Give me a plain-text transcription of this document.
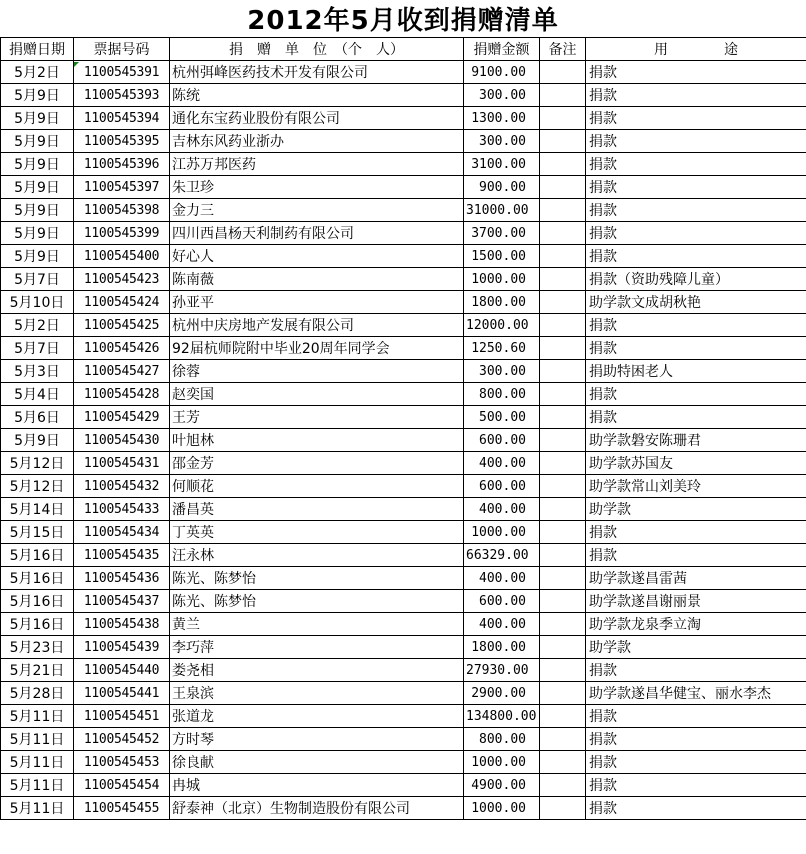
2012年5月收到捐赠清单
捐赠日期	票据号码	捐　赠　单　位　（个　人）	捐赠金额	备注	用　　　　途
5月2日	1100545391	杭州弭峰医药技术开发有限公司	9100.00		捐款
5月9日	1100545393	陈统	300.00		捐款
5月9日	1100545394	通化东宝药业股份有限公司	1300.00		捐款
5月9日	1100545395	吉林东风药业浙办	300.00		捐款
5月9日	1100545396	江苏万邦医药	3100.00		捐款
5月9日	1100545397	朱卫珍	900.00		捐款
5月9日	1100545398	金力三	31000.00		捐款
5月9日	1100545399	四川西昌杨天利制药有限公司	3700.00		捐款
5月9日	1100545400	好心人	1500.00		捐款
5月7日	1100545423	陈南薇	1000.00		捐款（资助残障儿童）
5月10日	1100545424	孙亚平	1800.00		助学款文成胡秋艳
5月2日	1100545425	杭州中庆房地产发展有限公司	12000.00		捐款
5月7日	1100545426	92届杭师院附中毕业20周年同学会	1250.60		捐款
5月3日	1100545427	徐蓉	300.00		捐助特困老人
5月4日	1100545428	赵奕国	800.00		捐款
5月6日	1100545429	王芳	500.00		捐款
5月9日	1100545430	叶旭林	600.00		助学款磐安陈珊君
5月12日	1100545431	邵金芳	400.00		助学款苏国友
5月12日	1100545432	何顺花	600.00		助学款常山刘美玲
5月14日	1100545433	潘昌英	400.00		助学款
5月15日	1100545434	丁英英	1000.00		捐款
5月16日	1100545435	汪永林	66329.00		捐款
5月16日	1100545436	陈光、陈梦怡	400.00		助学款遂昌雷茜
5月16日	1100545437	陈光、陈梦怡	600.00		助学款遂昌谢丽景
5月16日	1100545438	黄兰	400.00		助学款龙泉季立淘
5月23日	1100545439	李巧萍	1800.00		助学款
5月21日	1100545440	娄尧相	27930.00		捐款
5月28日	1100545441	王泉滨	2900.00		助学款遂昌华健宝、丽水李杰
5月11日	1100545451	张道龙	134800.00		捐款
5月11日	1100545452	方时琴	800.00		捐款
5月11日	1100545453	徐良献	1000.00		捐款
5月11日	1100545454	冉城	4900.00		捐款
5月11日	1100545455	舒泰神（北京）生物制造股份有限公司	1000.00		捐款
